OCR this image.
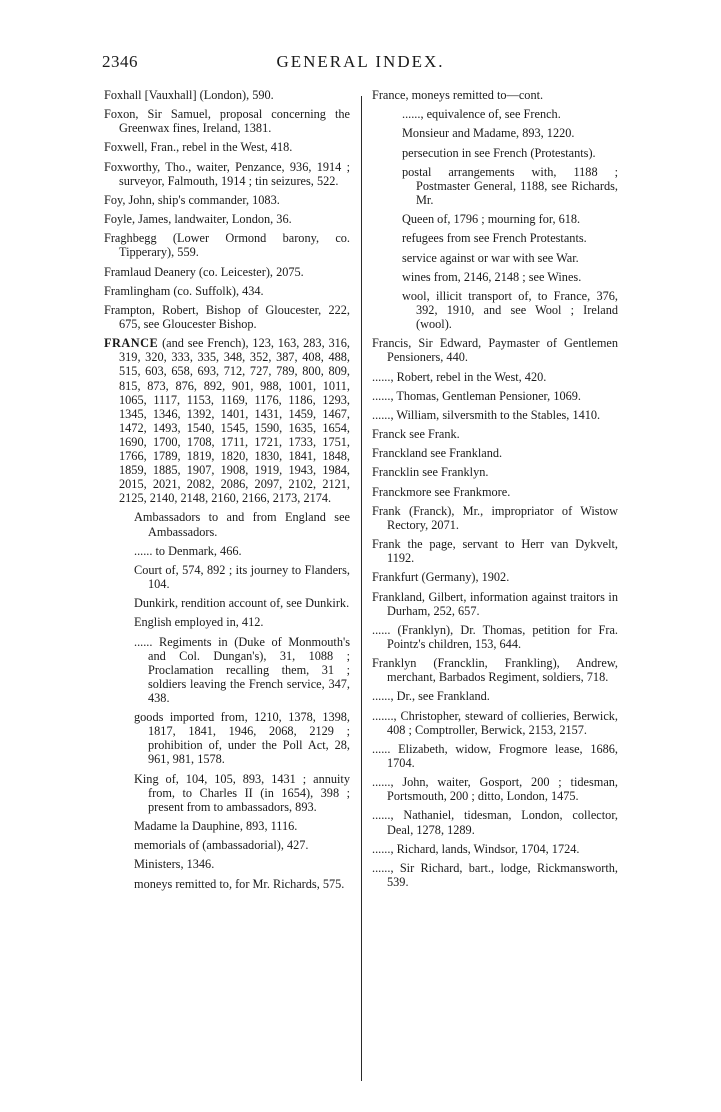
2346	GENERAL INDEX.

Foxhall [Vauxhall] (London), 590.

Foxon, Sir Samuel, proposal concerning the Greenwax fines, Ireland, 1381.

Foxwell, Fran., rebel in the West, 418.

Foxworthy, Tho., waiter, Penzance, 936, 1914 ; surveyor, Falmouth, 1914 ; tin seizures, 522.

Foy, John, ship's commander, 1083.

Foyle, James, landwaiter, London, 36.

Fraghbegg (Lower Ormond barony, co. Tipperary), 559.

Framlaud Deanery (co. Leicester), 2075.

Framlingham (co. Suffolk), 434.

Frampton, Robert, Bishop of Gloucester, 222, 675, see Gloucester Bishop.

FRANCE (and see French), 123, 163, 283, 316, 319, 320, 333, 335, 348, 352, 387, 408, 488, 515, 603, 658, 693, 712, 727, 789, 800, 809, 815, 873, 876, 892, 901, 988, 1001, 1011, 1065, 1117, 1153, 1169, 1176, 1186, 1293, 1345, 1346, 1392, 1401, 1431, 1459, 1467, 1472, 1493, 1540, 1545, 1590, 1635, 1654, 1690, 1700, 1708, 1711, 1721, 1733, 1751, 1766, 1789, 1819, 1820, 1830, 1841, 1848, 1859, 1885, 1907, 1908, 1919, 1943, 1984, 2015, 2021, 2082, 2086, 2097, 2102, 2121, 2125, 2140, 2148, 2160, 2166, 2173, 2174.

Ambassadors to and from England see Ambassadors.

...... to Denmark, 466.

Court of, 574, 892 ; its journey to Flanders, 104.

Dunkirk, rendition account of, see Dunkirk.

English employed in, 412.

...... Regiments in (Duke of Monmouth's and Col. Dungan's), 31, 1088 ; Proclamation recalling them, 31 ; soldiers leaving the French service, 347, 438.

goods imported from, 1210, 1378, 1398, 1817, 1841, 1946, 2068, 2129 ; prohibition of, under the Poll Act, 28, 961, 981, 1578.

King of, 104, 105, 893, 1431 ; annuity from, to Charles II (in 1654), 398 ; present from to ambassadors, 893.

Madame la Dauphine, 893, 1116.

memorials of (ambassadorial), 427.

Ministers, 1346.

moneys remitted to, for Mr. Richards, 575.

France, moneys remitted to—cont.

......, equivalence of, see French.

Monsieur and Madame, 893, 1220.

persecution in see French (Protestants).

postal arrangements with, 1188 ; Postmaster General, 1188, see Richards, Mr.

Queen of, 1796 ; mourning for, 618.

refugees from see French Protestants.

service against or war with see War.

wines from, 2146, 2148 ; see Wines.

wool, illicit transport of, to France, 376, 392, 1910, and see Wool ; Ireland (wool).

Francis, Sir Edward, Paymaster of Gentlemen Pensioners, 440.

......, Robert, rebel in the West, 420.

......, Thomas, Gentleman Pensioner, 1069.

......, William, silversmith to the Stables, 1410.

Franck see Frank.

Franckland see Frankland.

Francklin see Franklyn.

Franckmore see Frankmore.

Frank (Franck), Mr., impropriator of Wistow Rectory, 2071.

Frank the page, servant to Herr van Dykvelt, 1192.

Frankfurt (Germany), 1902.

Frankland, Gilbert, information against traitors in Durham, 252, 657.

...... (Franklyn), Dr. Thomas, petition for Fra. Pointz's children, 153, 644.

Franklyn (Francklin, Frankling), Andrew, merchant, Barbados Regiment, soldiers, 718.

......, Dr., see Frankland.

......., Christopher, steward of collieries, Berwick, 408 ; Comptroller, Berwick, 2153, 2157.

...... Elizabeth, widow, Frogmore lease, 1686, 1704.

......, John, waiter, Gosport, 200 ; tidesman, Portsmouth, 200 ; ditto, London, 1475.

......, Nathaniel, tidesman, London, collector, Deal, 1278, 1289.

......, Richard, lands, Windsor, 1704, 1724.

......, Sir Richard, bart., lodge, Rickmansworth, 539.
